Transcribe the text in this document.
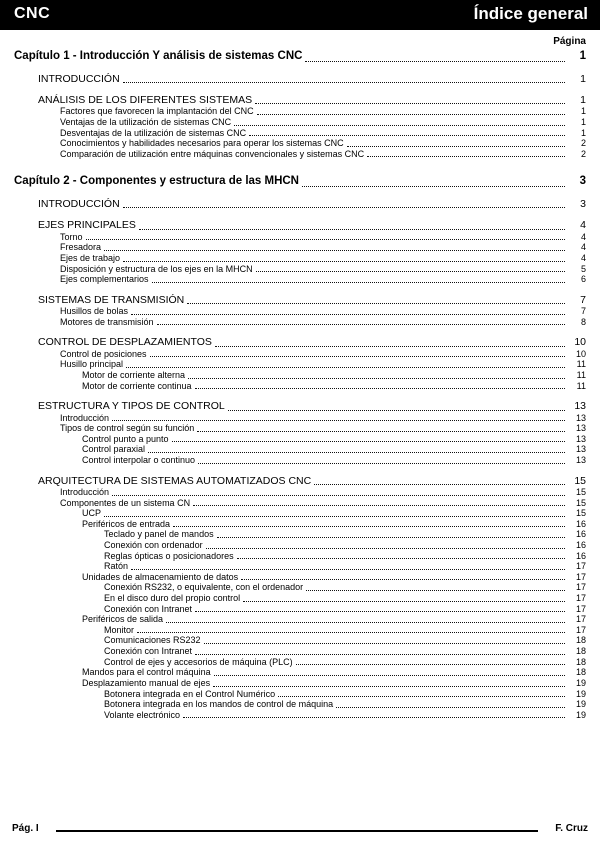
CNC	Índice general
Página
Capítulo 1 - Introducción Y análisis de sistemas CNC	1
INTRODUCCIÓN	1
ANÁLISIS DE LOS DIFERENTES SISTEMAS	1
Factores que favorecen la implantación del CNC	1
Ventajas de la utilización de sistemas CNC	1
Desventajas de la utilización de sistemas CNC	1
Conocimientos y habilidades necesarios para operar los sistemas CNC	2
Comparación de utilización entre máquinas convencionales y sistemas CNC	2
Capítulo 2 - Componentes y estructura de las MHCN	3
INTRODUCCIÓN	3
EJES PRINCIPALES	4
Torno	4
Fresadora	4
Ejes de trabajo	4
Disposición y estructura de los ejes en la MHCN	5
Ejes complementarios	6
SISTEMAS DE TRANSMISIÓN	7
Husillos de bolas	7
Motores de transmisión	8
CONTROL DE DESPLAZAMIENTOS	10
Control de posiciones	10
Husillo principal	11
Motor de corriente alterna	11
Motor de corriente continua	11
ESTRUCTURA Y TIPOS DE CONTROL	13
Introducción	13
Tipos de control según su función	13
Control punto a punto	13
Control paraxial	13
Control interpolar o continuo	13
ARQUITECTURA DE SISTEMAS AUTOMATIZADOS CNC	15
Introducción	15
Componentes de un sistema CN	15
UCP	15
Periféricos de entrada	16
Teclado y panel de mandos	16
Conexión con ordenador	16
Reglas ópticas o posicionadores	16
Ratón	17
Unidades de almacenamiento de datos	17
Conexión RS232, o equivalente, con el ordenador	17
En el disco duro del propio control	17
Conexión con Intranet	17
Periféricos de salida	17
Monitor	17
Comunicaciones RS232	18
Conexión con Intranet	18
Control de ejes y accesorios de máquina (PLC)	18
Mandos para el control máquina	18
Desplazamiento manual de ejes	19
Botonera integrada en el Control Numérico	19
Botonera integrada en los mandos de control de máquina	19
Volante electrónico	19
Pág. I	F. Cruz
